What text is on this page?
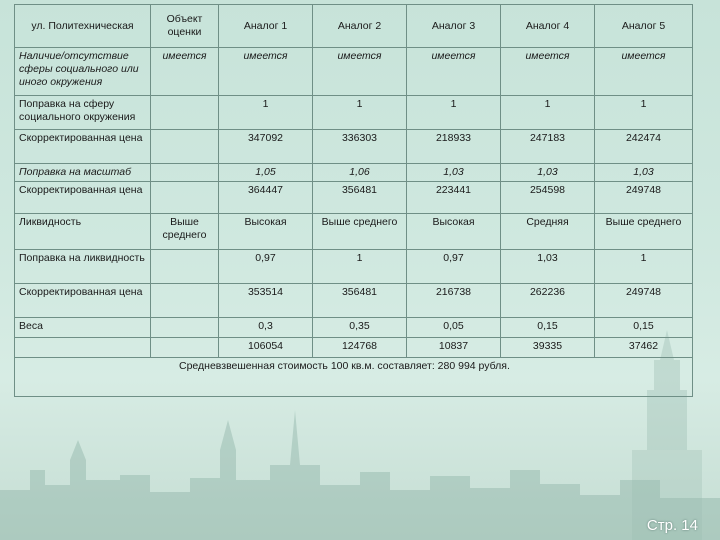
ул. Политехническая	Объект оценки	Аналог 1	Аналог 2	Аналог 3	Аналог 4	Аналог 5
Наличие/отсутствие сферы социального или иного окружения	имеется	имеется	имеется	имеется	имеется	имеется
Поправка на сферу социального окружения		1	1	1	1	1
Скорректированная цена		347092	336303	218933	247183	242474
Поправка на масштаб		1,05	1,06	1,03	1,03	1,03
Скорректированная цена		364447	356481	223441	254598	249748
Ликвидность	Выше среднего	Высокая	Выше среднего	Высокая	Средняя	Выше среднего
Поправка на ликвидность		0,97	1	0,97	1,03	1
Скорректированная цена		353514	356481	216738	262236	249748
Веса		0,3	0,35	0,05	0,15	0,15
		106054	124768	10837	39335	37462
Средневзвешенная стоимость 100 кв.м. составляет: 280 994 рубля.						
Стр. 14
